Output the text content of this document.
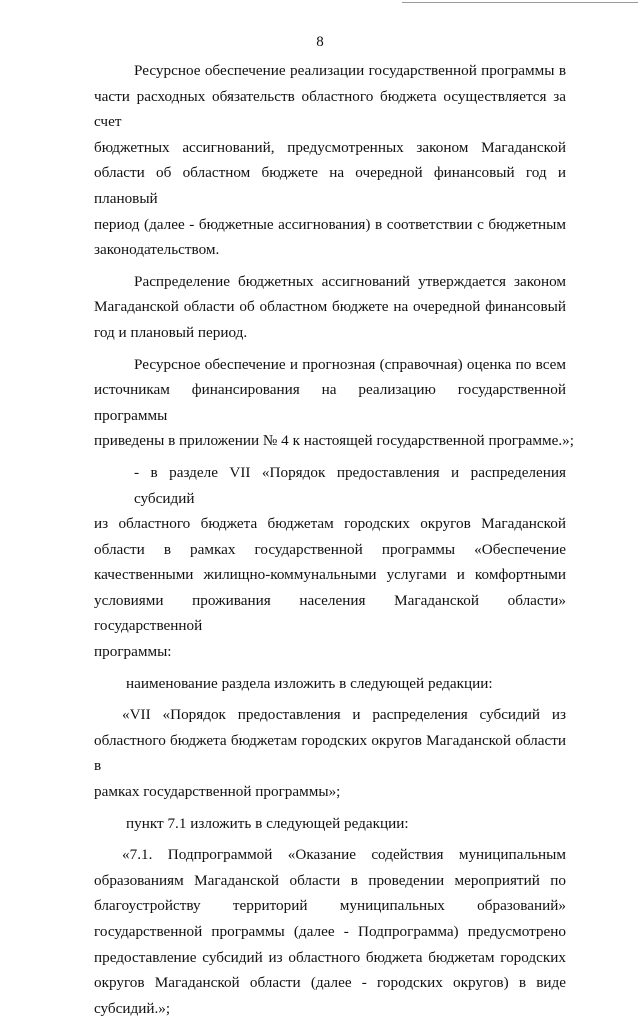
8
Ресурсное обеспечение реализации государственной программы в
части расходных обязательств областного бюджета осуществляется за счет
бюджетных ассигнований, предусмотренных законом Магаданской
области об областном бюджете на очередной финансовый год и плановый
период (далее - бюджетные ассигнования) в соответствии с бюджетным
законодательством.
Распределение бюджетных ассигнований утверждается законом
Магаданской области об областном бюджете на очередной финансовый
год и плановый период.
Ресурсное обеспечение и прогнозная (справочная) оценка по всем
источникам финансирования на реализацию государственной программы
приведены в приложении № 4 к настоящей государственной программе.»;
- в разделе VII «Порядок предоставления и распределения субсидий
из областного бюджета бюджетам городских округов Магаданской
области в рамках государственной программы «Обеспечение
качественными жилищно-коммунальными услугами и комфортными
условиями проживания населения Магаданской области» государственной
программы:
наименование раздела изложить в следующей редакции:
«VII «Порядок предоставления и распределения субсидий из
областного бюджета бюджетам городских округов Магаданской области в
рамках государственной программы»;
пункт 7.1 изложить в следующей редакции:
«7.1. Подпрограммой «Оказание содействия муниципальным
образованиям Магаданской области в проведении мероприятий по
благоустройству территорий муниципальных образований»
государственной программы (далее - Подпрограмма) предусмотрено
предоставление субсидий из областного бюджета бюджетам городских
округов Магаданской области (далее - городских округов) в виде
субсидий.»;
